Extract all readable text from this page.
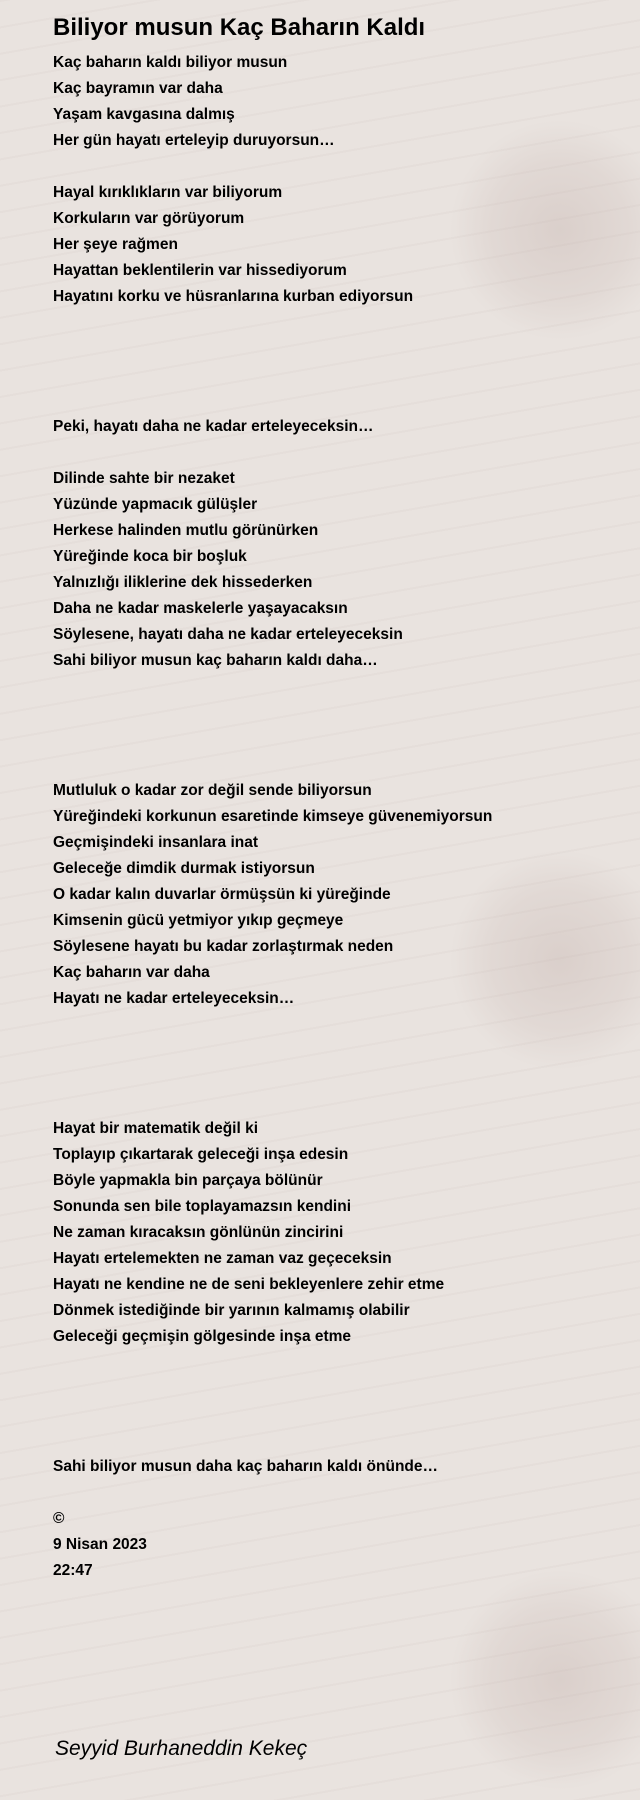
Biliyor musun Kaç Baharın Kaldı
Kaç baharın kaldı biliyor musun
Kaç bayramın var daha
Yaşam kavgasına dalmış
Her gün hayatı erteleyip duruyorsun…
Hayal kırıklıkların var biliyorum
Korkuların var görüyorum
Her şeye rağmen
Hayattan beklentilerin var hissediyorum
Hayatını korku ve hüsranlarına kurban ediyorsun
Peki, hayatı daha ne kadar erteleyeceksin…
Dilinde sahte bir nezaket
Yüzünde yapmacık gülüşler
Herkese halinden mutlu görünürken
Yüreğinde koca bir boşluk
Yalnızlığı iliklerine dek hissederken
Daha ne kadar maskelerle yaşayacaksın
Söylesene, hayatı daha ne kadar erteleyeceksin
Sahi biliyor musun kaç baharın kaldı daha…
Mutluluk o kadar zor değil sende biliyorsun
Yüreğindeki korkunun esaretinde kimseye güvenemiyorsun
Geçmişindeki insanlara inat
Geleceğe dimdik durmak istiyorsun
O kadar kalın duvarlar örmüşsün ki yüreğinde
Kimsenin gücü yetmiyor yıkıp geçmeye
Söylesene hayatı bu kadar zorlaştırmak neden
Kaç baharın var daha
Hayatı ne kadar erteleyeceksin…
Hayat bir matematik değil ki
Toplayıp çıkartarak geleceği inşa edesin
Böyle yapmakla bin parçaya bölünür
Sonunda sen bile toplayamazsın kendini
Ne zaman kıracaksın gönlünün zincirini
Hayatı ertelemekten ne zaman vaz geçeceksin
Hayatı ne kendine ne de seni bekleyenlere zehir etme
Dönmek istediğinde bir yarının kalmamış olabilir
Geleceği geçmişin gölgesinde inşa etme
Sahi biliyor musun daha kaç baharın kaldı önünde…
©
9 Nisan 2023
22:47
Seyyid Burhaneddin Kekeç
